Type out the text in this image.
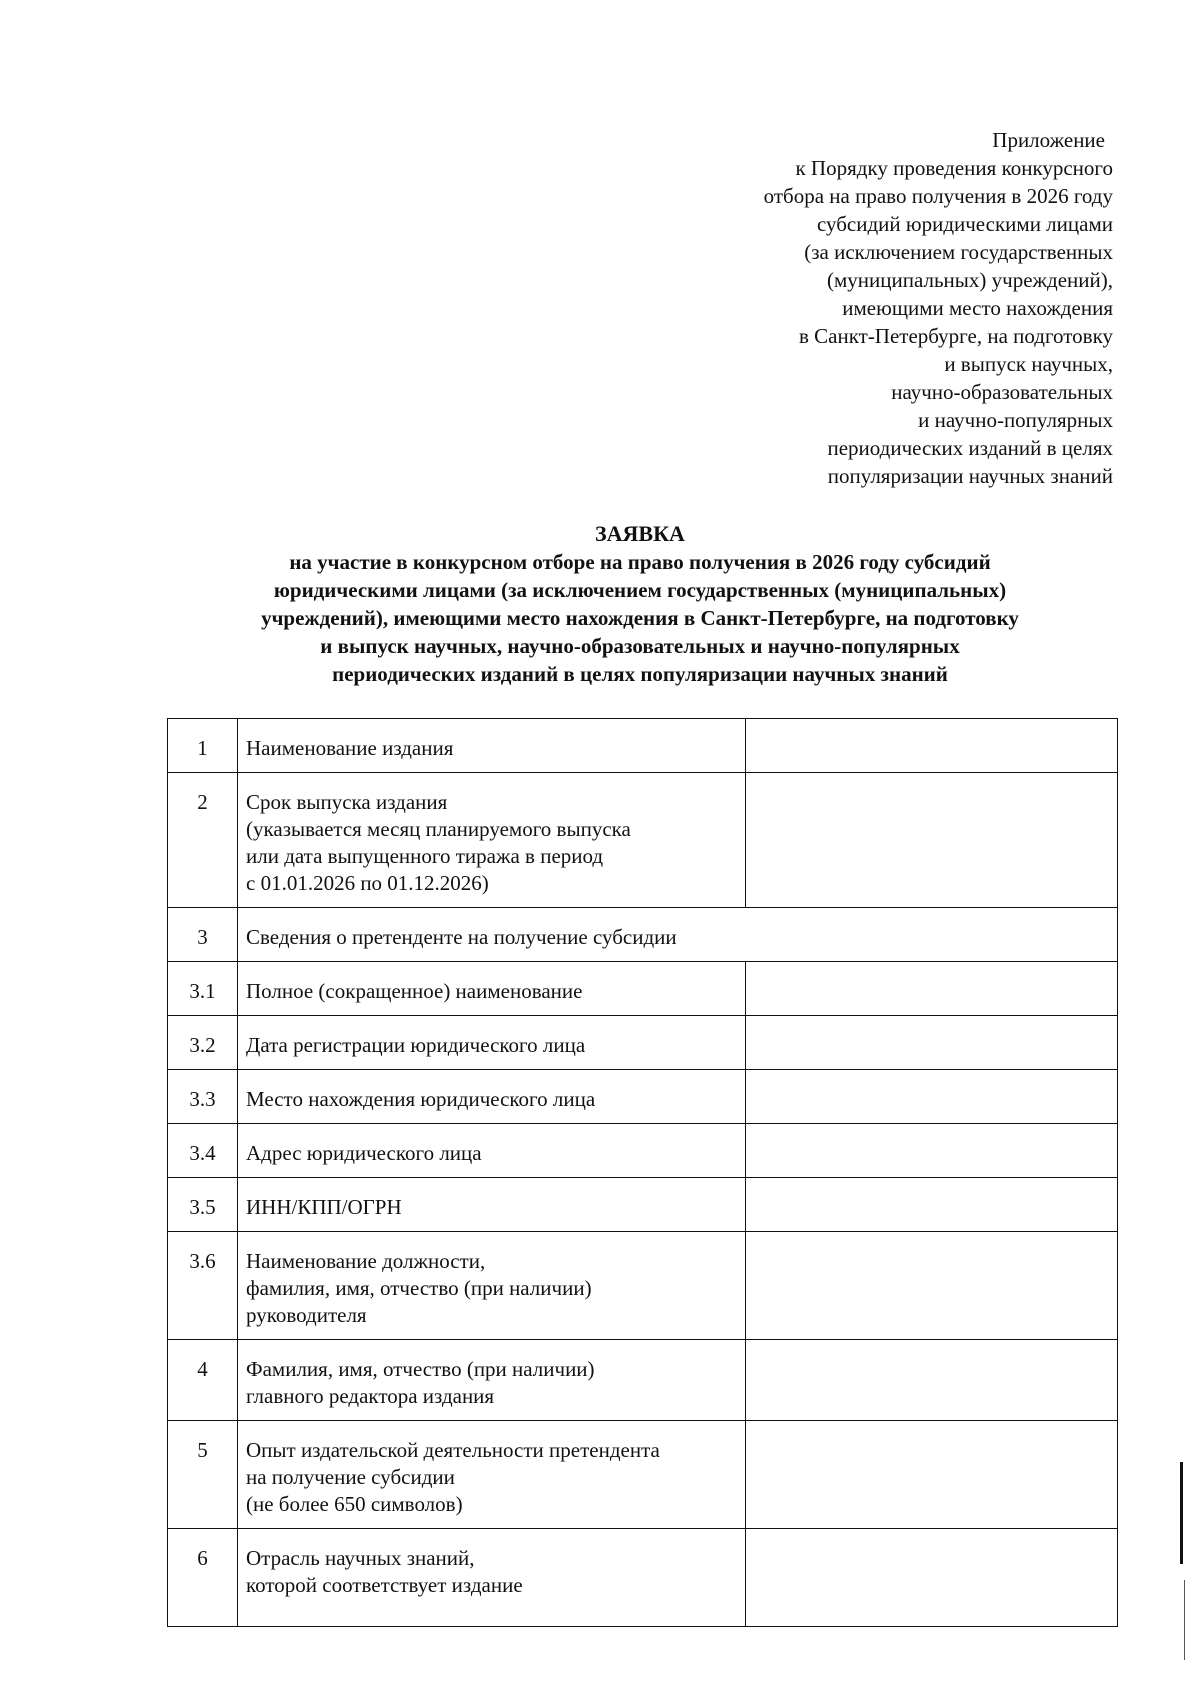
Приложение
к Порядку проведения конкурсного
отбора на право получения в 2026 году
субсидий юридическими лицами
(за исключением государственных
(муниципальных) учреждений),
имеющими место нахождения
в Санкт-Петербурге, на подготовку
и выпуск научных,
научно-образовательных
и научно-популярных
периодических изданий в целях
популяризации научных знаний
ЗАЯВКА
на участие в конкурсном отборе на право получения в 2026 году субсидий
юридическими лицами (за исключением государственных (муниципальных)
учреждений), имеющими место нахождения в Санкт-Петербурге, на подготовку
и выпуск научных, научно-образовательных и научно-популярных
периодических изданий в целях популяризации научных знаний
1	Наименование издания	

2	Срок выпуска издания
(указывается месяц планируемого выпуска
или дата выпущенного тиража в период
с 01.01.2026 по 01.12.2026)	

3	Сведения о претенденте на получение субсидии	

3.1	Полное (сокращенное) наименование	

3.2	Дата регистрации юридического лица	

3.3	Место нахождения юридического лица	

3.4	Адрес юридического лица	

3.5	ИНН/КПП/ОГРН	

3.6	Наименование должности,
фамилия, имя, отчество (при наличии)
руководителя	

4	Фамилия, имя, отчество (при наличии)
главного редактора издания	

5	Опыт издательской деятельности претендента
на получение субсидии
(не более 650 символов)	

6	Отрасль научных знаний,
которой соответствует издание	
